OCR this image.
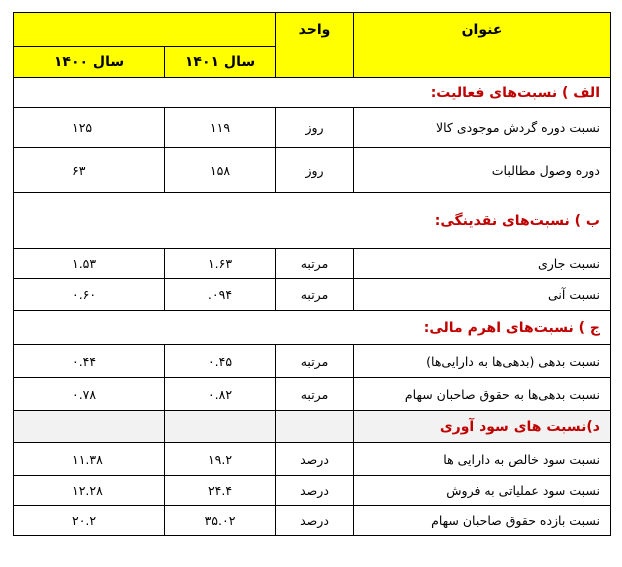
عنوان	واحد		
		سال ۱۴۰۱	سال ۱۴۰۰
الف ) نسبت‌های فعالیت:			
نسبت دوره گردش موجودی کالا	روز	۱۱۹	۱۲۵
دوره وصول مطالبات	روز	۱۵۸	۶۳
ب ) نسبت‌های نقدینگی:			
نسبت جاری	مرتبه	۱.۶۳	۱.۵۳
نسبت آنی	مرتبه	۰۹۴.	۰.۶۰
ج ) نسبت‌های اهرم مالی:			
نسبت بدهی (بدهی‌ها به دارایی‌ها)	مرتبه	۰.۴۵	۰.۴۴
نسبت بدهی‌ها به حقوق صاحبان سهام	مرتبه	۰.۸۲	۰.۷۸
د)نسبت های سود آوری			
نسبت سود خالص به دارایی ها	درصد	۱۹.۲	۱۱.۳۸
نسبت سود عملیاتی به فروش	درصد	۲۴.۴	۱۲.۲۸
نسبت بازده حقوق صاحبان سهام	درصد	۳۵.۰۲	۲۰.۲
